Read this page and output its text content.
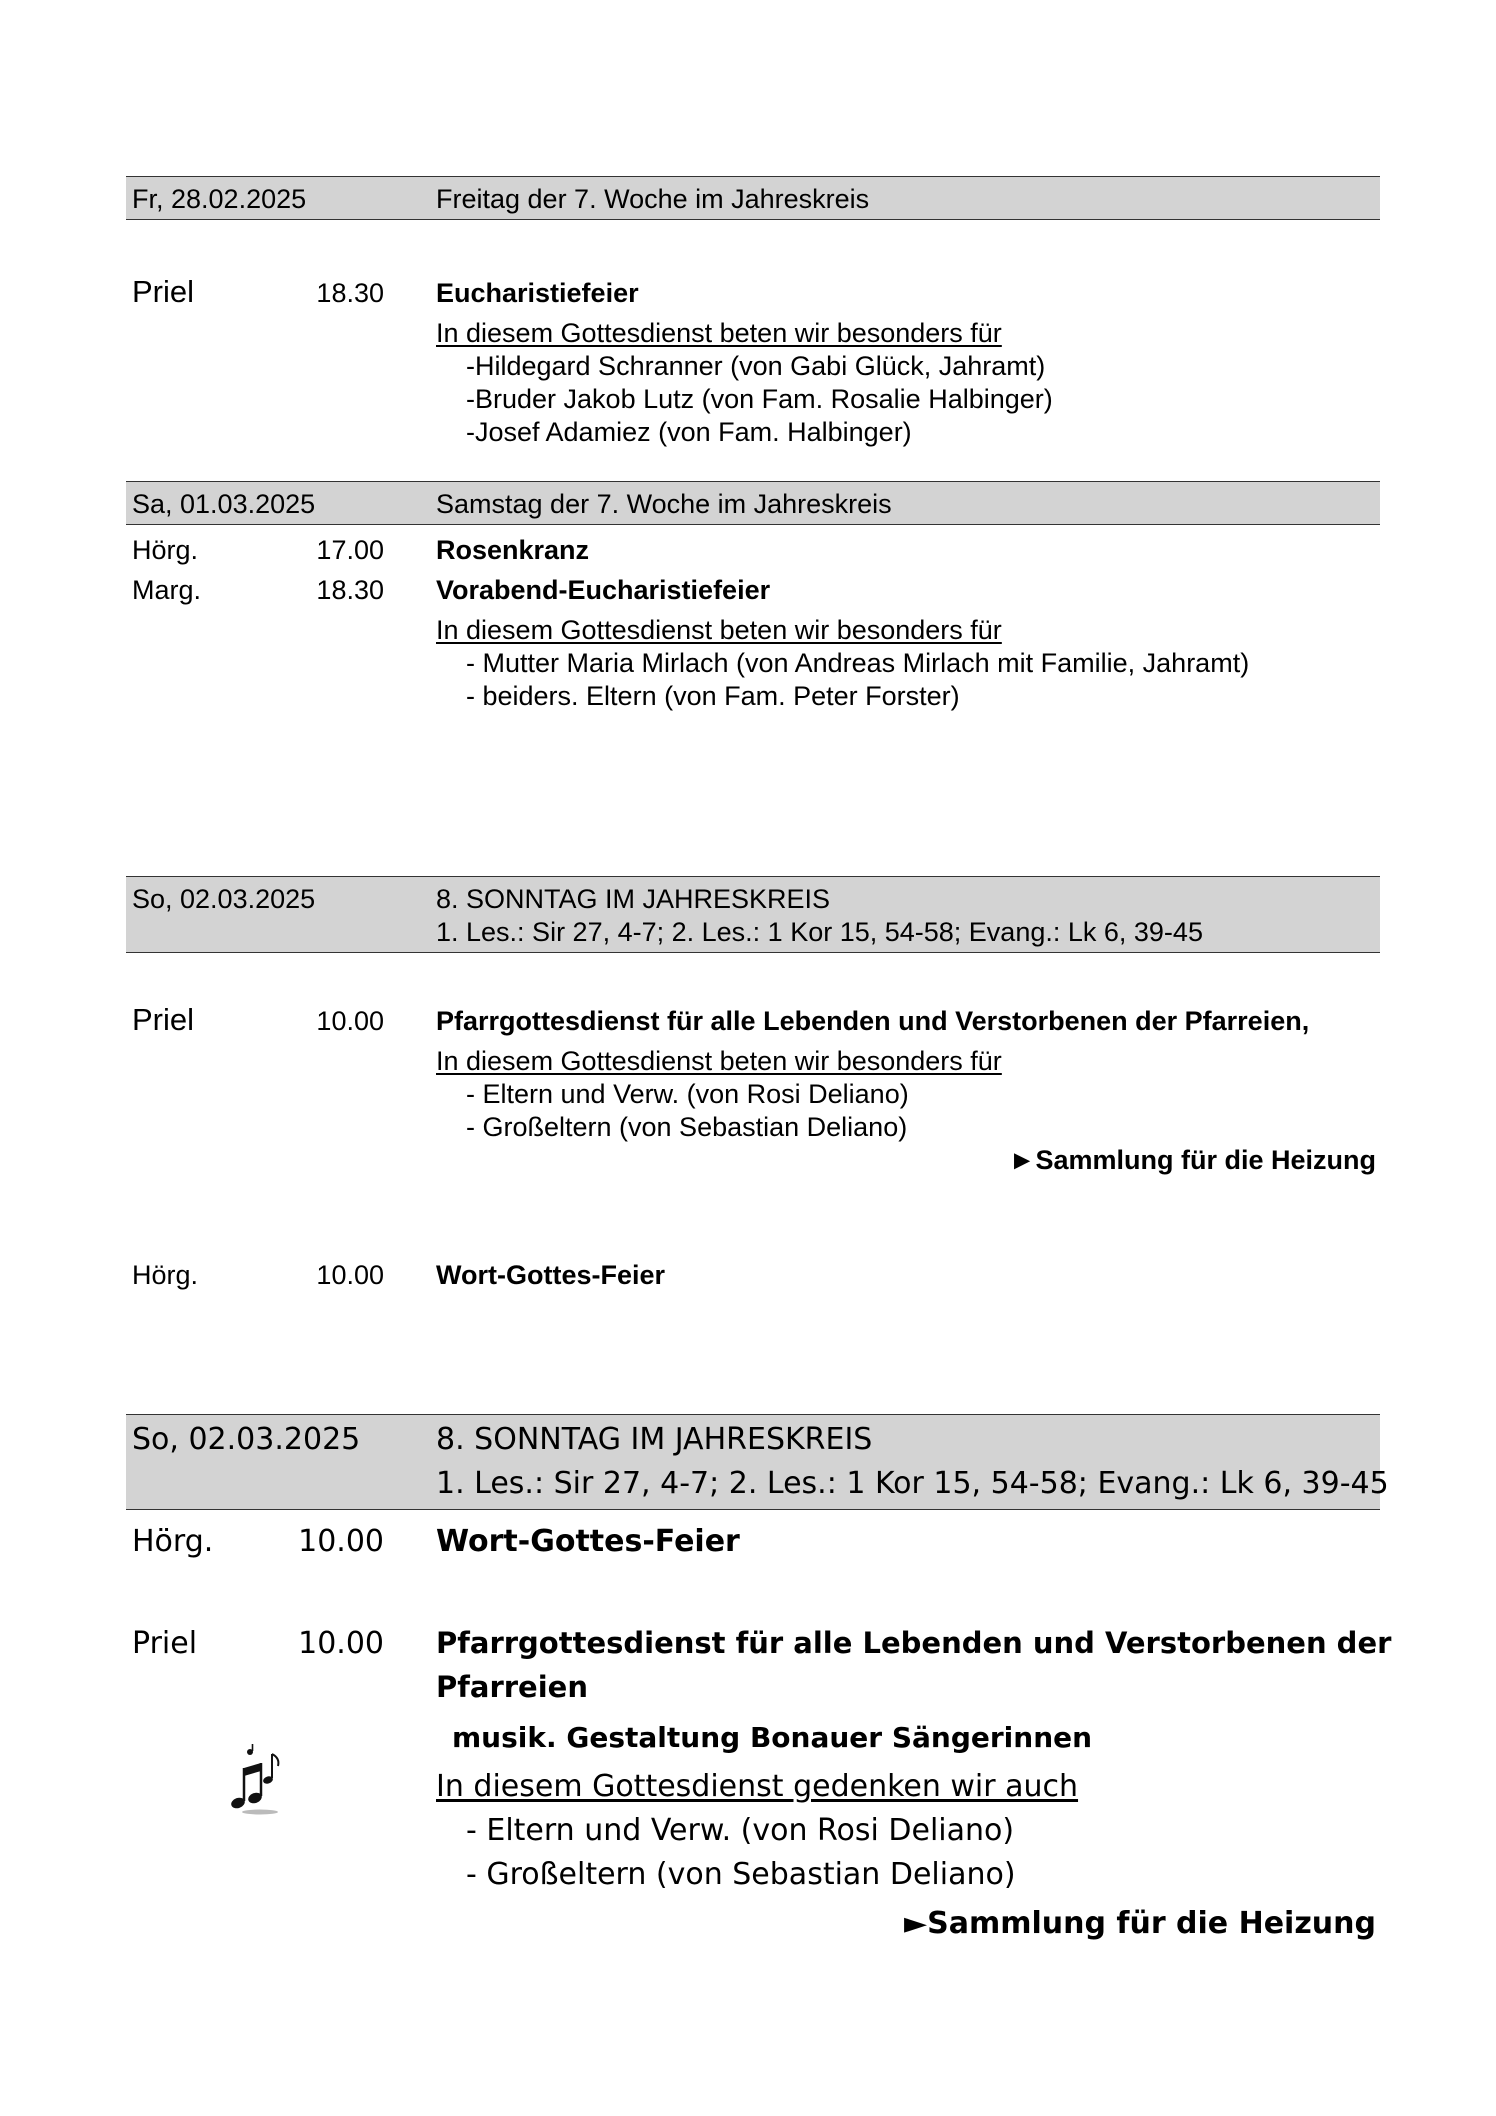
Fr, 28.02.2025	Freitag der 7. Woche im Jahreskreis
Priel	18.30 Eucharistiefeier
In diesem Gottesdienst beten wir besonders für
-Hildegard Schranner (von Gabi Glück, Jahramt)
-Bruder Jakob Lutz (von Fam. Rosalie Halbinger)
-Josef Adamiez (von Fam. Halbinger)
Sa, 01.03.2025	Samstag der 7. Woche im Jahreskreis
Hörg.	17.00 Rosenkranz
Marg.	18.30 Vorabend-Eucharistiefeier
In diesem Gottesdienst beten wir besonders für
- Mutter Maria Mirlach (von Andreas Mirlach mit Familie, Jahramt)
- beiders. Eltern (von Fam. Peter Forster)
So, 02.03.2025	8. SONNTAG IM JAHRESKREIS
1. Les.: Sir 27, 4-7; 2. Les.: 1 Kor 15, 54-58; Evang.: Lk 6, 39-45
Priel	10.00 Pfarrgottesdienst für alle Lebenden und Verstorbenen der Pfarreien,
In diesem Gottesdienst beten wir besonders für
- Eltern und Verw. (von Rosi Deliano)
- Großeltern (von Sebastian Deliano)
►Sammlung für die Heizung
Hörg.	10.00 Wort-Gottes-Feier
So, 02.03.2025	8. SONNTAG IM JAHRESKREIS
1. Les.: Sir 27, 4-7; 2. Les.: 1 Kor 15, 54-58; Evang.: Lk 6, 39-45
Hörg.	10.00 Wort-Gottes-Feier
Priel	10.00 Pfarrgottesdienst für alle Lebenden und Verstorbenen der
Pfarreien
musik. Gestaltung Bonauer Sängerinnen
In diesem Gottesdienst gedenken wir auch
- Eltern und Verw. (von Rosi Deliano)
- Großeltern (von Sebastian Deliano)
►Sammlung für die Heizung
